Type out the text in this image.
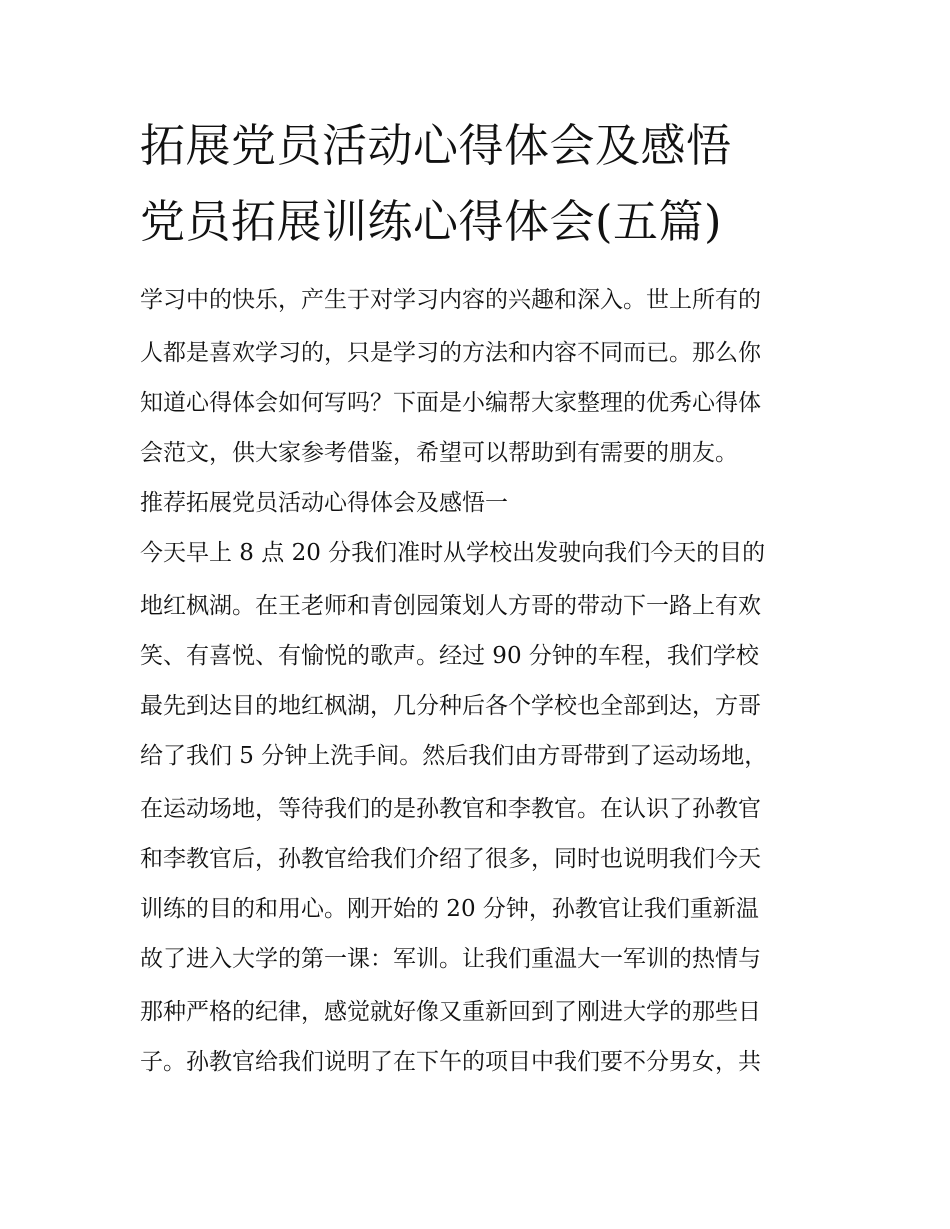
拓展党员活动心得体会及感悟
党员拓展训练心得体会(五篇)

学习中的快乐，产生于对学习内容的兴趣和深入。世上所有的

人都是喜欢学习的，只是学习的方法和内容不同而已。那么你

知道心得体会如何写吗？下面是小编帮大家整理的优秀心得体

会范文，供大家参考借鉴，希望可以帮助到有需要的朋友。

推荐拓展党员活动心得体会及感悟一

今天早上 8 点 20 分我们准时从学校出发驶向我们今天的目的

地红枫湖。在王老师和青创园策划人方哥的带动下一路上有欢

笑、有喜悦、有愉悦的歌声。经过 90 分钟的车程，我们学校

最先到达目的地红枫湖，几分种后各个学校也全部到达，方哥

给了我们 5 分钟上洗手间。然后我们由方哥带到了运动场地，

在运动场地，等待我们的是孙教官和李教官。在认识了孙教官

和李教官后，孙教官给我们介绍了很多，同时也说明我们今天

训练的目的和用心。刚开始的 20 分钟，孙教官让我们重新温

故了进入大学的第一课：军训。让我们重温大一军训的热情与

那种严格的纪律，感觉就好像又重新回到了刚进大学的那些日

子。孙教官给我们说明了在下午的项目中我们要不分男女，共
